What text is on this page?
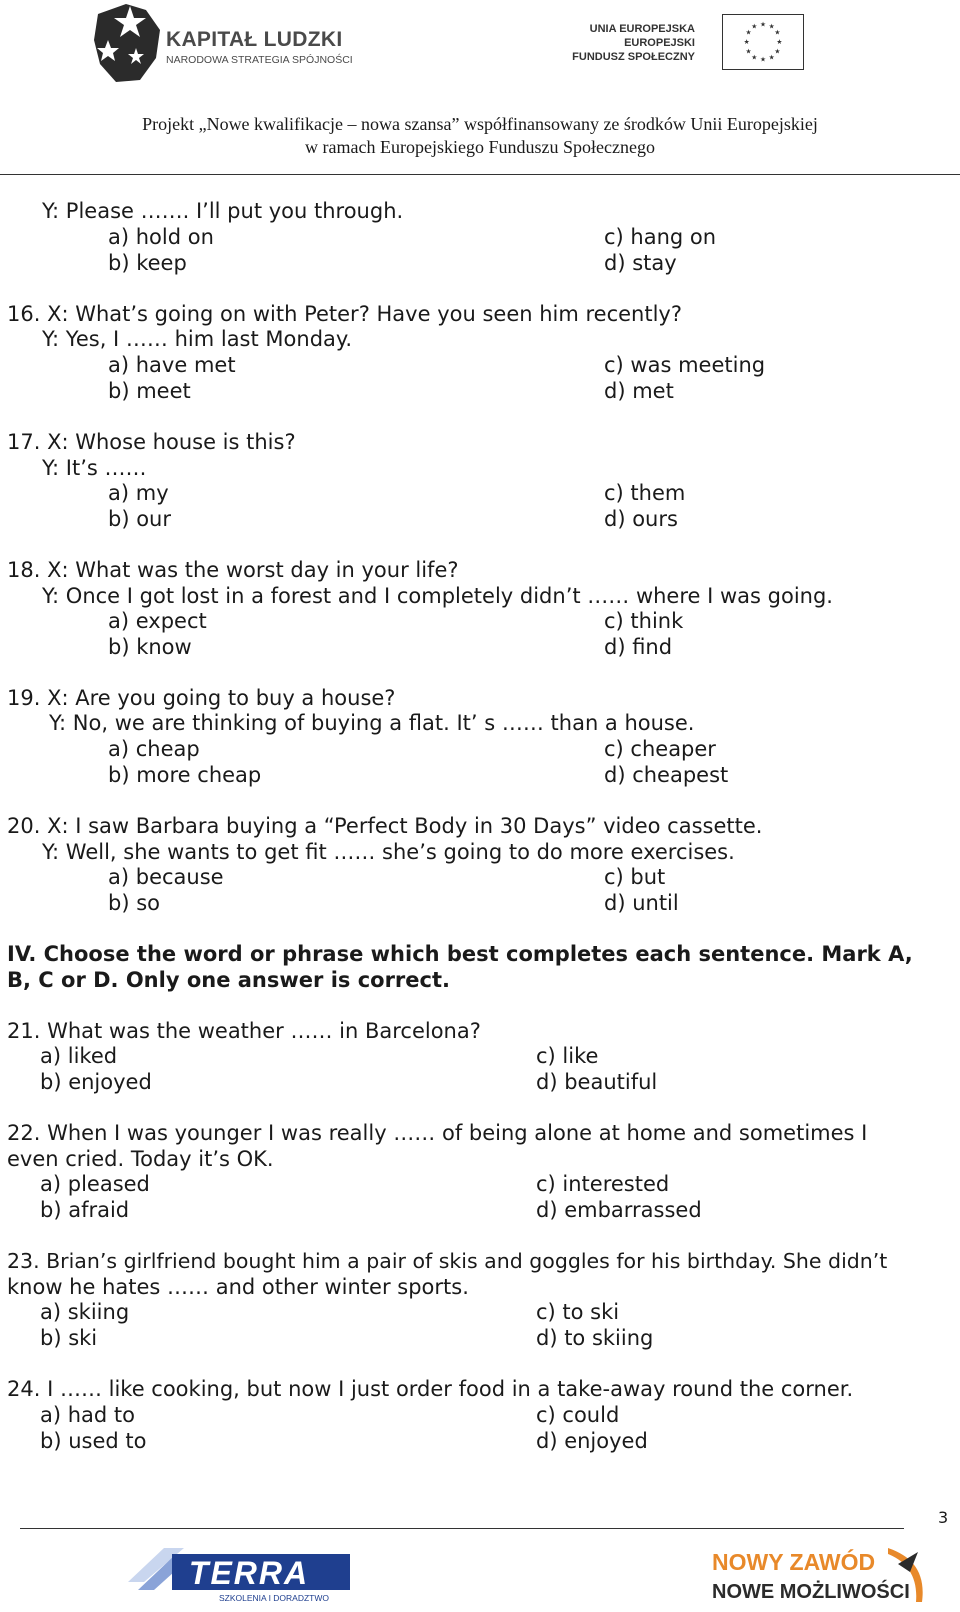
KAPITAŁ LUDZKI
NARODOWA STRATEGIA SPÓJNOŚCI
UNIA EUROPEJSKA
EUROPEJSKI
FUNDUSZ SPOŁECZNY
★ ★
★
★
★
★
★
★
★
★
★
★
Projekt „Nowe kwalifikacje – nowa szansa” współfinansowany ze środków Unii Europejskiej
w ramach Europejskiego Funduszu Społecznego
Y: Please ……. I’ll put you through.
a) hold on
b) keep
c) hang on
d) stay
16. X: What’s going on with Peter? Have you seen him recently?
Y: Yes, I …… him last Monday.
a) have met
b) meet
c) was meeting
d) met
17. X: Whose house is this?
Y: It’s ……
a) my
b) our
c) them
d) ours
18. X: What was the worst day in your life?
Y: Once I got lost in a forest and I completely didn’t …… where I was going.
a) expect
b) know
c) think
d) find
19. X: Are you going to buy a house?
Y: No, we are thinking of buying a flat. It’ s …… than a house.
a) cheap
b) more cheap
c) cheaper
d) cheapest
20. X: I saw Barbara buying a “Perfect Body in 30 Days” video cassette.
Y: Well, she wants to get fit …… she’s going to do more exercises.
a) because
b) so
c) but
d) until
IV. Choose the word or phrase which best completes each sentence. Mark A,
B, C or D. Only one answer is correct.
21. What was the weather …… in Barcelona?
a) liked
b) enjoyed
c) like
d) beautiful
22. When I was younger I was really …… of being alone at home and sometimes I
even cried. Today it’s OK.
a) pleased
b) afraid
c) interested
d) embarrassed
23. Brian’s girlfriend bought him a pair of skis and goggles for his birthday. She didn’t
know he hates …… and other winter sports.
a) skiing
b) ski
c) to ski
d) to skiing
24. I …… like cooking, but now I just order food in a take-away round the corner.
a) had to
b) used to
c) could
d) enjoyed
3
TERRA
SZKOLENIA I DORADZTWO
NOWY ZAWÓD
NOWE MOŻLIWOŚCI
